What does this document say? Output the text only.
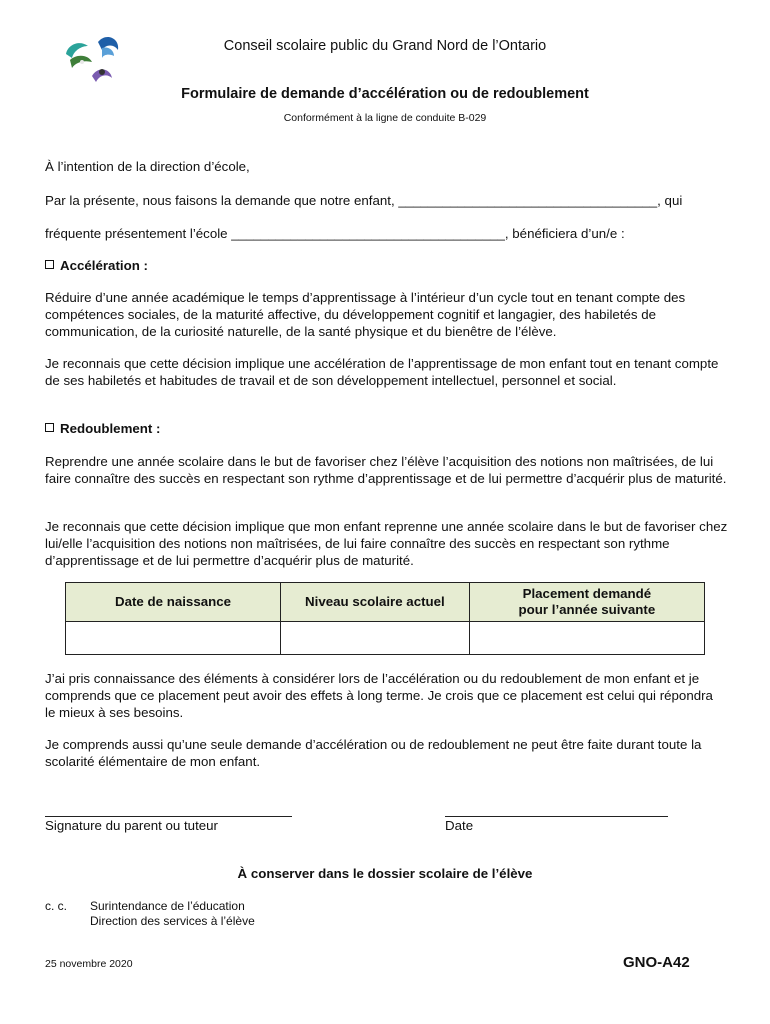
Conseil scolaire public du Grand Nord de l’Ontario
Formulaire de demande d’accélération ou de redoublement
Conformément à la ligne de conduite B-029

À l’intention de la direction d’école,

Par la présente, nous faisons la demande que notre enfant, ___________________________________, qui

fréquente présentement l’école _____________________________________, bénéficiera d’un/e :

Accélération :

Réduire d’une année académique le temps d’apprentissage à l’intérieur d’un cycle tout en tenant compte des compétences sociales, de la maturité affective, du développement cognitif et langagier, des habiletés de communication, de la curiosité naturelle, de la santé physique et du bienêtre de l’élève.

Je reconnais que cette décision implique une accélération de l’apprentissage de mon enfant tout en tenant compte de ses habiletés et habitudes de travail et de son développement intellectuel, personnel et social.

Redoublement :

Reprendre une année scolaire dans le but de favoriser chez l’élève l’acquisition des notions non maîtrisées, de lui faire connaître des succès en respectant son rythme d’apprentissage et de lui permettre d’acquérir plus de maturité.

Je reconnais que cette décision implique que mon enfant reprenne une année scolaire dans le but de favoriser chez lui/elle l’acquisition des notions non maîtrisées, de lui faire connaître des succès en respectant son rythme d’apprentissage et de lui permettre d’acquérir plus de maturité.

Date de naissance	Niveau scolaire actuel	Placement demandé
pour l’année suivante

J’ai pris connaissance des éléments à considérer lors de l’accélération ou du redoublement de mon enfant et je comprends que ce placement peut avoir des effets à long terme. Je crois que ce placement est celui qui répondra le mieux à ses besoins.

Je comprends aussi qu’une seule demande d’accélération ou de redoublement ne peut être faite durant toute la scolarité élémentaire de mon enfant.

Signature du parent ou tuteur	Date
À conserver dans le dossier scolaire de l’élève
c. c. Surintendance de l’éducation
Direction des services à l’élève
25 novembre 2020	GNO-A42
